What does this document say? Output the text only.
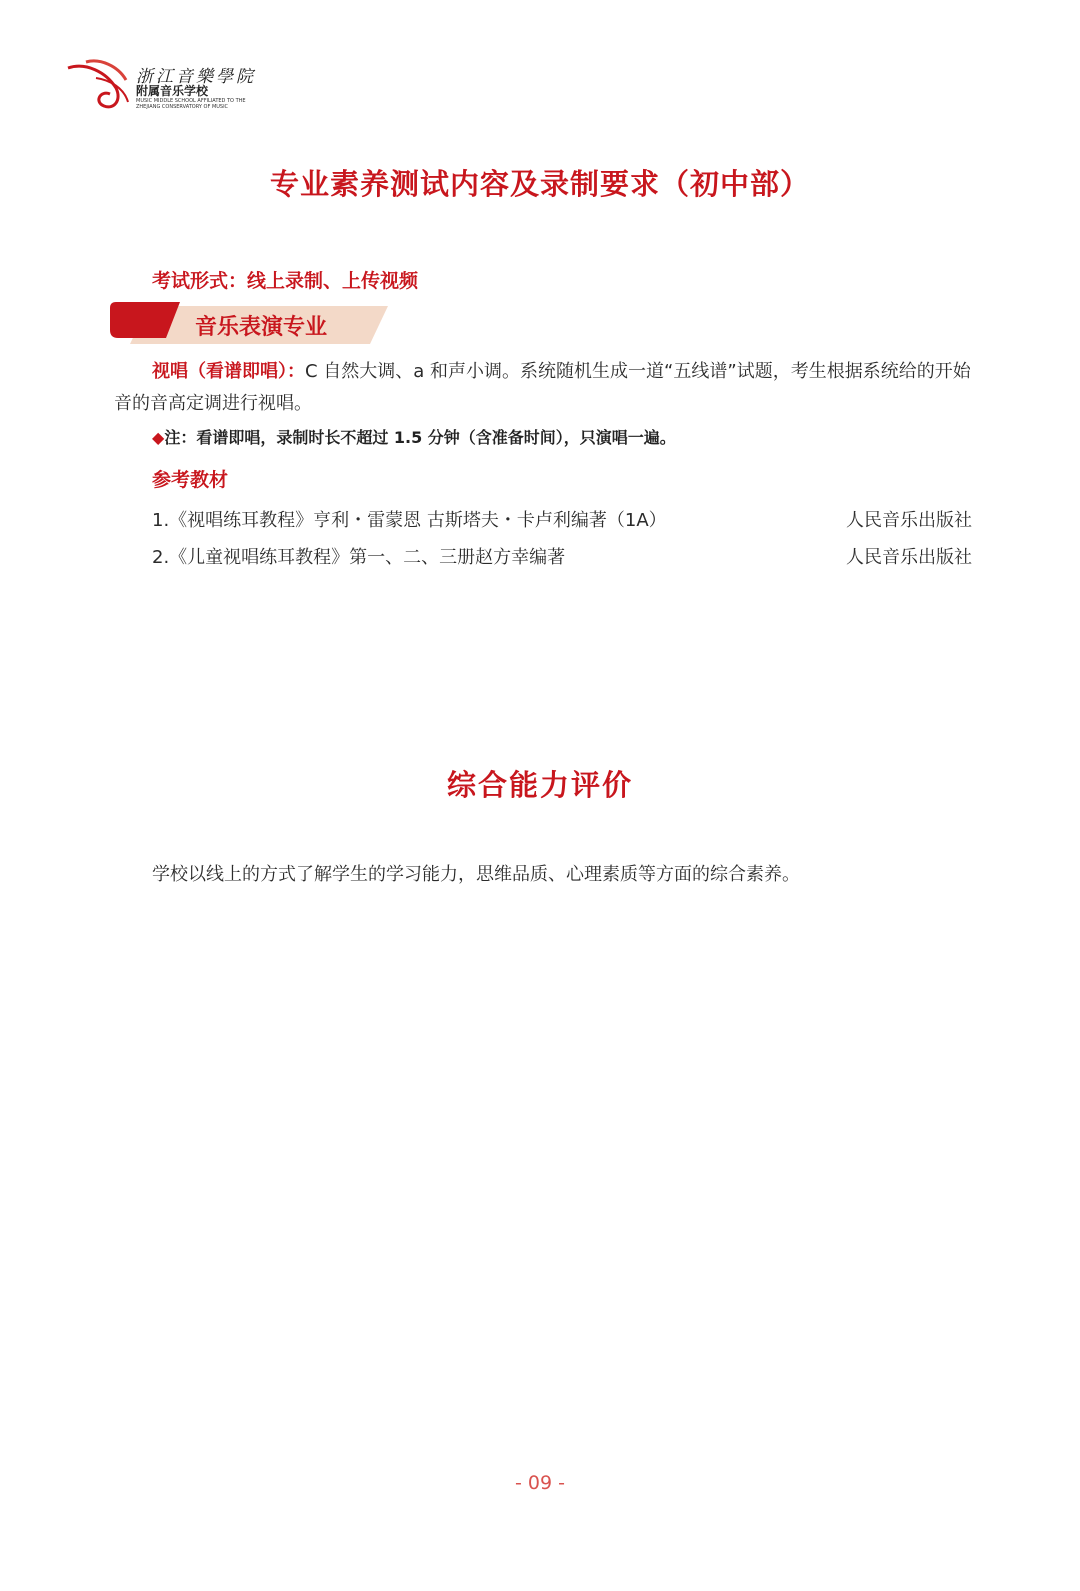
浙江音樂學院
附属音乐学校
MUSIC MIDDLE SCHOOL AFFILIATED TO THE ZHEJIANG CONSERVATORY OF MUSIC
专业素养测试内容及录制要求（初中部）
考试形式：线上录制、上传视频
音乐表演专业
视唱（看谱即唱）：C 自然大调、a 和声小调。系统随机生成一道“五线谱”试题，考生根据系统给的开始音的音高定调进行视唱。
◆注：看谱即唱，录制时长不超过 1.5 分钟（含准备时间），只演唱一遍。
参考教材
1.《视唱练耳教程》亨利・雷蒙恩 古斯塔夫・卡卢利编著（1A）	人民音乐出版社
2.《儿童视唱练耳教程》第一、二、三册赵方幸编著	人民音乐出版社
综合能力评价
学校以线上的方式了解学生的学习能力，思维品质、心理素质等方面的综合素养。
- 09 -
